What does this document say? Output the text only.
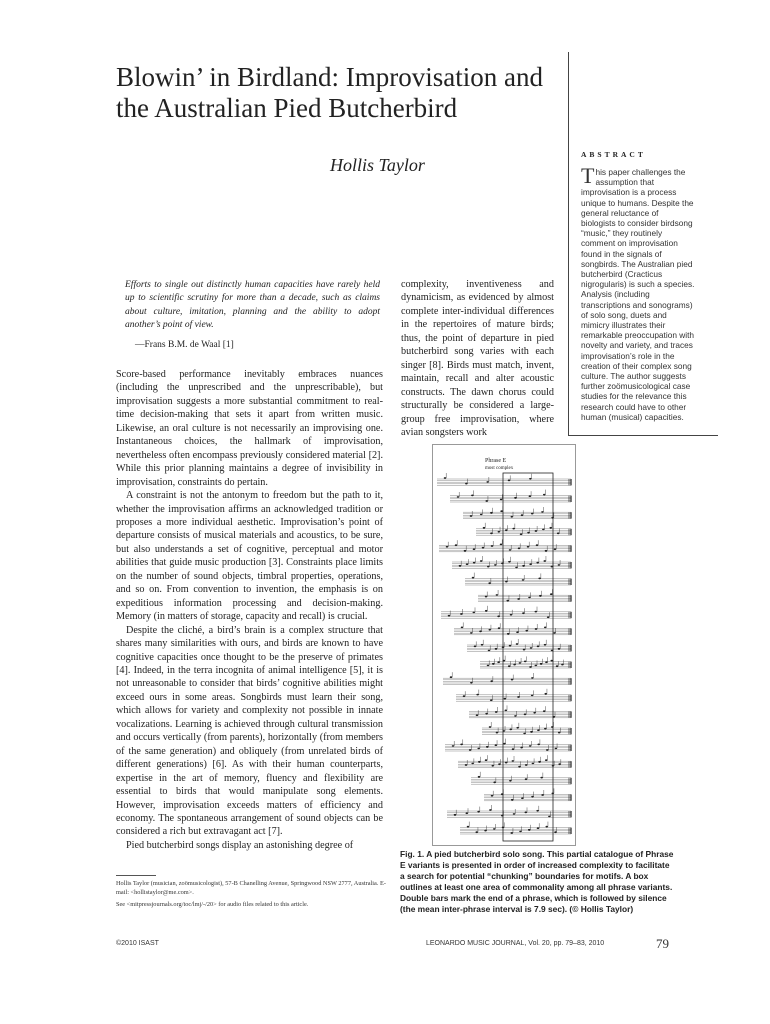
Blowin’ in Birdland: Improvisation and the Australian Pied Butcherbird
Hollis Taylor
ABSTRACT
This paper challenges the assumption that improvisation is a process unique to humans. Despite the general reluctance of biologists to consider birdsong “music,” they routinely comment on improvisation found in the signals of songbirds. The Australian pied butcherbird (Cracticus nigrogularis) is such a species. Analysis (including transcriptions and sonograms) of solo song, duets and mimicry illustrates their remarkable preoccupation with novelty and variety, and traces improvisation’s role in the creation of their complex song culture. The author suggests further zoömusicological case studies for the relevance this research could have to other human (musical) capacities.
Efforts to single out distinctly human capacities have rarely held up to scientific scrutiny for more than a decade, such as claims about culture, imitation, planning and the ability to adopt another’s point of view.
—Frans B.M. de Waal [1]

Score-based performance inevitably embraces nuances (including the unprescribed and the unprescribable), but improvisation suggests a more substantial commitment to real-time decision-making that sets it apart from written music. Likewise, an oral culture is not necessarily an improvising one. Instantaneous choices, the hallmark of improvisation, nevertheless often encompass previously considered material [2]. While this prior planning maintains a degree of invisibility in improvisation, constraints do pertain.

A constraint is not the antonym to freedom but the path to it, whether the improvisation affirms an acknowledged tradition or proposes a more individual aesthetic. Improvisation’s point of departure consists of musical materials and acoustics, to be sure, but also understands a set of cognitive, perceptual and motor abilities that guide music production [3]. Constraints place limits on the number of sound objects, timbral properties, operations, and so on. From convention to invention, the emphasis is on expeditious information processing and decision-making. Memory (in matters of storage, capacity and recall) is crucial.

Despite the cliché, a bird’s brain is a complex structure that shares many similarities with ours, and birds are known to have cognitive capacities once thought to be the preserve of primates [4]. Indeed, in the terra incognita of animal intelligence [5], it is not unreasonable to consider that birds’ cognitive abilities might exceed ours in some areas. Songbirds must learn their song, which allows for variety and complexity not possible in innate vocalizations. Learning is achieved through cultural transmission and occurs vertically (from parents), horizontally (from members of the same generation) and obliquely (from unrelated birds of different generations) [6]. As with their human counterparts, expertise in the art of memory, fluency and flexibility are essential to birds that would manipulate song elements. However, improvisation exceeds matters of efficiency and economy. The spontaneous arrangement of sound objects can be considered a rich but extravagant act [7].

Pied butcherbird songs display an astonishing degree of

complexity, inventiveness and dynamicism, as evidenced by almost complete inter-individual differences in the repertoires of mature birds; thus, the point of departure in pied butcherbird song varies with each singer [8]. Birds must match, invent, maintain, recall and alter acoustic constructs. The dawn chorus could structurally be considered a large-group free improvisation, where avian songsters work
Phrase E
most complex
Fig. 1. A pied butcherbird solo song. This partial catalogue of Phrase E variants is presented in order of increased complexity to facilitate a search for potential “chunking” boundaries for motifs. A box outlines at least one area of commonality among all phrase variants. Double bars mark the end of a phrase, which is followed by silence (the mean inter-phrase interval is 7.9 sec). (© Hollis Taylor)
Hollis Taylor (musician, zoömusicologist), 57-B Chanelling Avenue, Springwood NSW 2777, Australia. E-mail: <hollistaylor@me.com>.
See <mitpressjournals.org/toc/lmj/-/20> for audio files related to this article.
©2010 ISAST	LEONARDO MUSIC JOURNAL, Vol. 20, pp. 79–83, 2010	79
